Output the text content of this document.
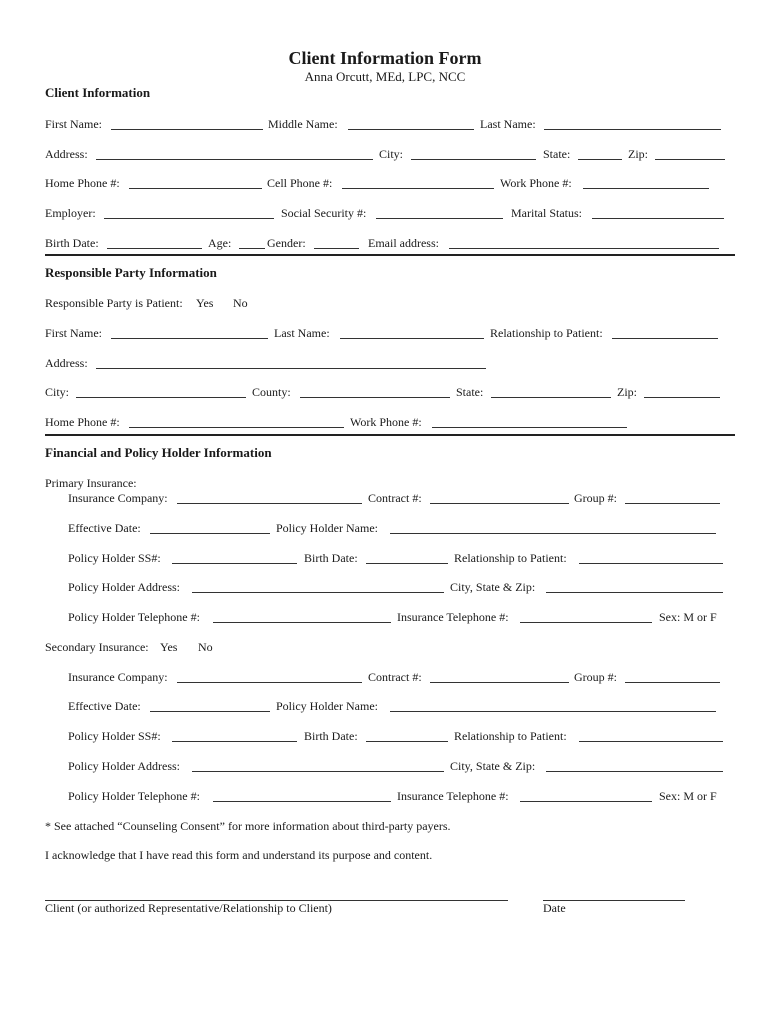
Client Information Form
Anna Orcutt, MEd, LPC, NCC
Client Information
First Name:	Middle Name:	Last Name:
Address:	City:	State:	Zip:
Home Phone #:	Cell Phone #:	Work Phone #:
Employer:	Social Security #:	Marital Status:
Birth Date:	Age:	Gender:	Email address:
Responsible Party Information
Responsible Party is Patient: Yes No
First Name:	Last Name:	Relationship to Patient:
Address:
City:	County:	State:	Zip:
Home Phone #:	Work Phone #:
Financial and Policy Holder Information
Primary Insurance:
Insurance Company:	Contract #:	Group #:
Effective Date:	Policy Holder Name:
Policy Holder SS#:	Birth Date:	Relationship to Patient:
Policy Holder Address:	City, State & Zip:
Policy Holder Telephone #:	Insurance Telephone #:	Sex: M or F
Secondary Insurance: Yes No
Insurance Company:	Contract #:	Group #:
Effective Date:	Policy Holder Name:
Policy Holder SS#:	Birth Date:	Relationship to Patient:
Policy Holder Address:	City, State & Zip:
Policy Holder Telephone #:	Insurance Telephone #:	Sex: M or F
* See attached “Counseling Consent” for more information about third-party payers.
I acknowledge that I have read this form and understand its purpose and content.
Client (or authorized Representative/Relationship to Client)	Date
